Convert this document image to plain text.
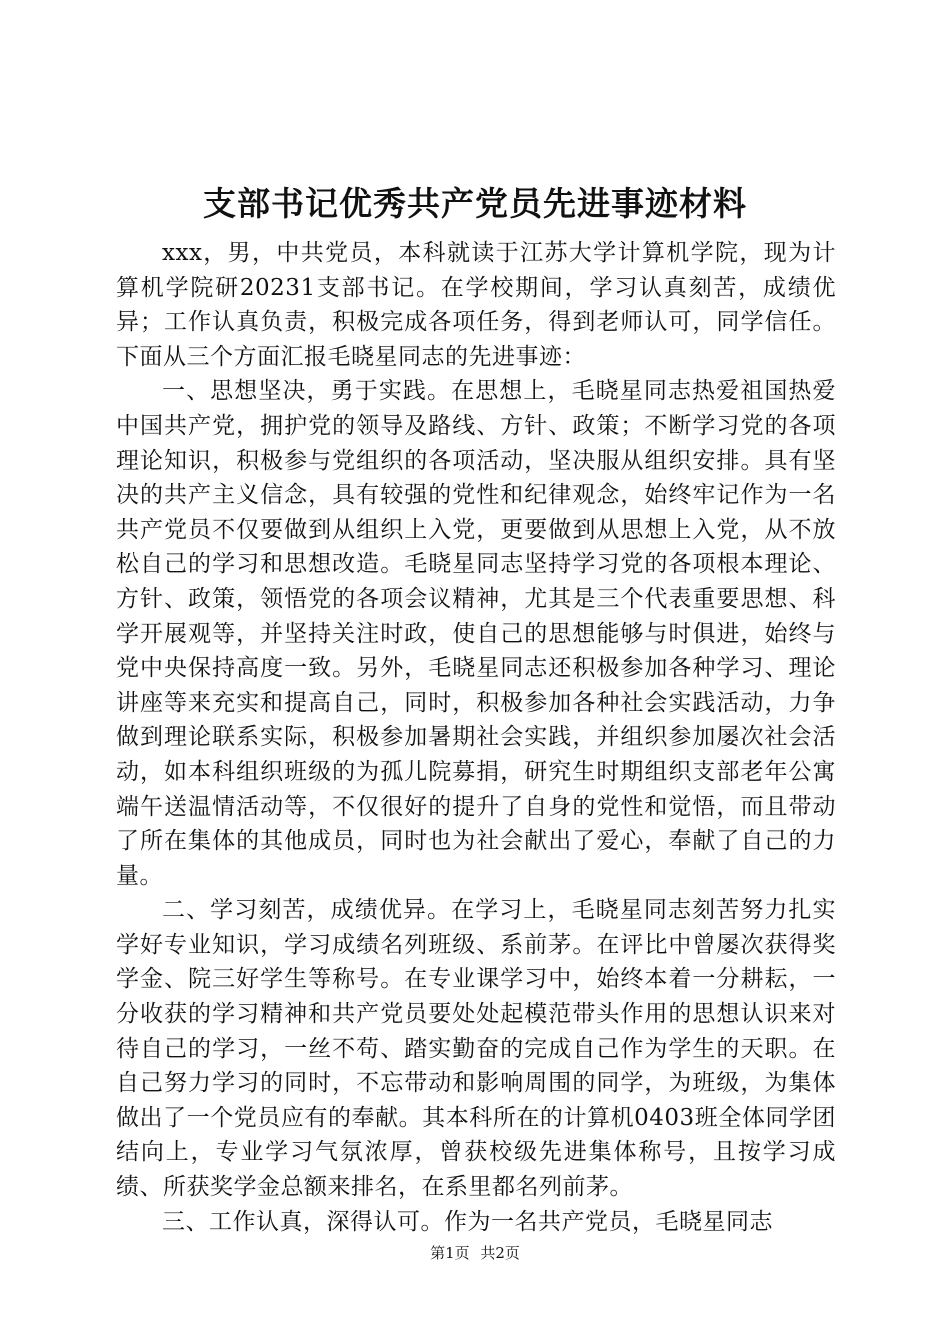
支部书记优秀共产党员先进事迹材料

xxx，男，中共党员，本科就读于江苏大学计算机学院，现为计算机学院研20231支部书记。在学校期间，学习认真刻苦，成绩优异；工作认真负责，积极完成各项任务，得到老师认可，同学信任。下面从三个方面汇报毛晓星同志的先进事迹：

一、思想坚决，勇于实践。在思想上，毛晓星同志热爱祖国热爱中国共产党，拥护党的领导及路线、方针、政策；不断学习党的各项理论知识，积极参与党组织的各项活动，坚决服从组织安排。具有坚决的共产主义信念，具有较强的党性和纪律观念，始终牢记作为一名共产党员不仅要做到从组织上入党，更要做到从思想上入党，从不放松自己的学习和思想改造。毛晓星同志坚持学习党的各项根本理论、方针、政策，领悟党的各项会议精神，尤其是三个代表重要思想、科学开展观等，并坚持关注时政，使自己的思想能够与时俱进，始终与党中央保持高度一致。另外，毛晓星同志还积极参加各种学习、理论讲座等来充实和提高自己，同时，积极参加各种社会实践活动，力争做到理论联系实际，积极参加暑期社会实践，并组织参加屡次社会活动，如本科组织班级的为孤儿院募捐，研究生时期组织支部老年公寓端午送温情活动等，不仅很好的提升了自身的党性和觉悟，而且带动了所在集体的其他成员，同时也为社会献出了爱心，奉献了自己的力量。

二、学习刻苦，成绩优异。在学习上，毛晓星同志刻苦努力扎实学好专业知识，学习成绩名列班级、系前茅。在评比中曾屡次获得奖学金、院三好学生等称号。在专业课学习中，始终本着一分耕耘，一分收获的学习精神和共产党员要处处起模范带头作用的思想认识来对待自己的学习，一丝不苟、踏实勤奋的完成自己作为学生的天职。在自己努力学习的同时，不忘带动和影响周围的同学，为班级，为集体做出了一个党员应有的奉献。其本科所在的计算机0403班全体同学团结向上，专业学习气氛浓厚，曾获校级先进集体称号，且按学习成绩、所获奖学金总额来排名，在系里都名列前茅。

三、工作认真，深得认可。作为一名共产党员，毛晓星同志

第1页 共2页
